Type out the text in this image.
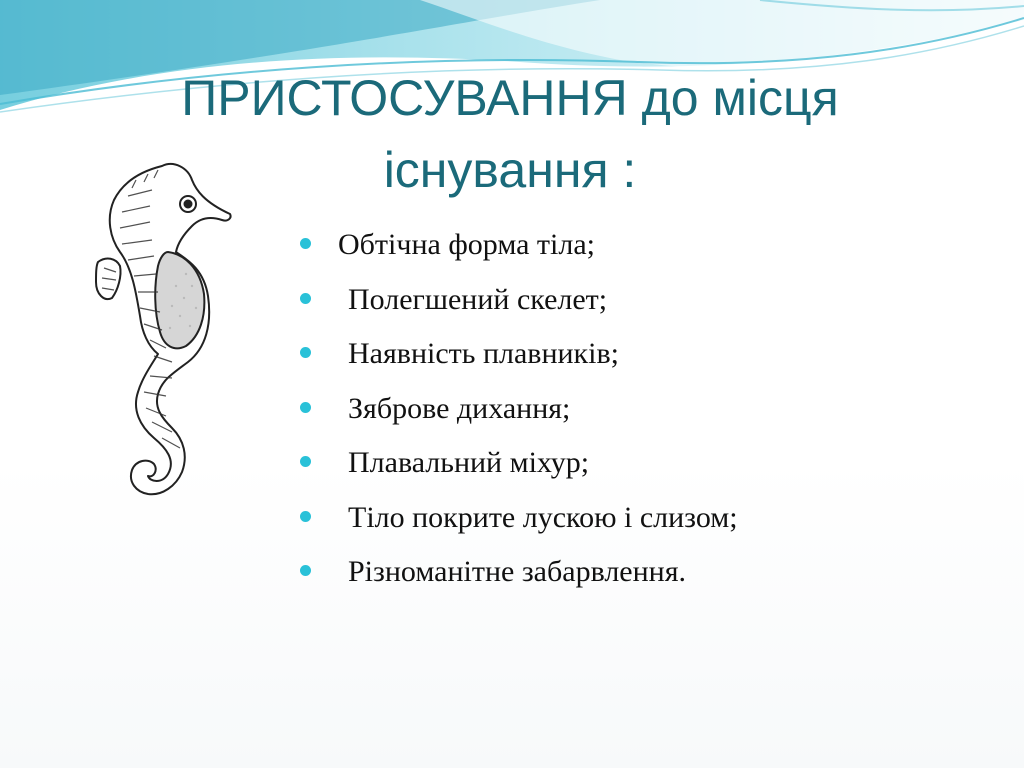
ПРИСТОСУВАННЯ до місця
існування :
Обтічна форма тіла;
Полегшений скелет;
Наявність плавників;
Зяброве дихання;
Плавальний міхур;
Тіло покрите лускою і слизом;
Різноманітне забарвлення.
